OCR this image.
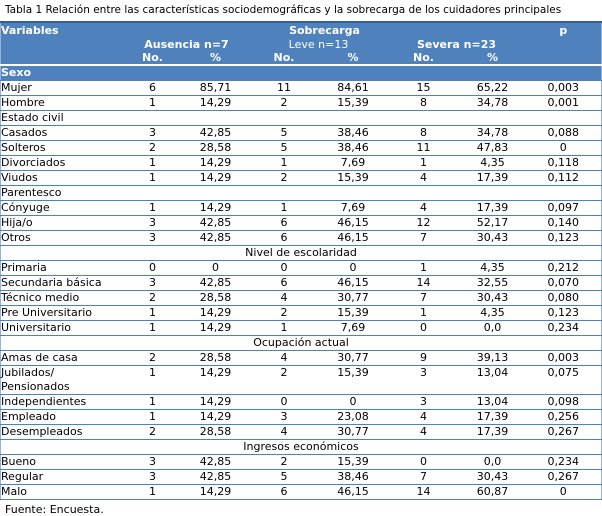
Tabla 1 Relación entre las características sociodemográficas y la sobrecarga de los cuidadores principales
Variables	Sobrecarga						p
	Ausencia n=7		Leve n=13		Severa n=23		
	No.	%	No.	%	No.	%	
Sexo							
Mujer	6	85,71	11	84,61	15	65,22	0,003
Hombre	1	14,29	2	15,39	8	34,78	0,001
Estado civil							
Casados	3	42,85	5	38,46	8	34,78	0,088
Solteros	2	28,58	5	38,46	11	47,83	0
Divorciados	1	14,29	1	7,69	1	4,35	0,118
Viudos	1	14,29	2	15,39	4	17,39	0,112
Parentesco							
Cónyuge	1	14,29	1	7,69	4	17,39	0,097
Hija/o	3	42,85	6	46,15	12	52,17	0,140
Otros	3	42,85	6	46,15	7	30,43	0,123
Nivel de escolaridad							
Primaria	0	0	0	0	1	4,35	0,212
Secundaria básica	3	42,85	6	46,15	14	32,55	0,070
Técnico medio	2	28,58	4	30,77	7	30,43	0,080
Pre Universitario	1	14,29	2	15,39	1	4,35	0,123
Universitario	1	14,29	1	7,69	0	0,0	0,234
Ocupación actual							
Amas de casa	2	28,58	4	30,77	9	39,13	0,003
Jubilados/
Pensionados	1	14,29	2	15,39	3	13,04	0,075
Independientes	1	14,29	0	0	3	13,04	0,098
Empleado	1	14,29	3	23,08	4	17,39	0,256
Desempleados	2	28,58	4	30,77	4	17,39	0,267
Ingresos económicos							
Bueno	3	42,85	2	15,39	0	0,0	0,234
Regular	3	42,85	5	38,46	7	30,43	0,267
Malo	1	14,29	6	46,15	14	60,87	0
Fuente: Encuesta.
